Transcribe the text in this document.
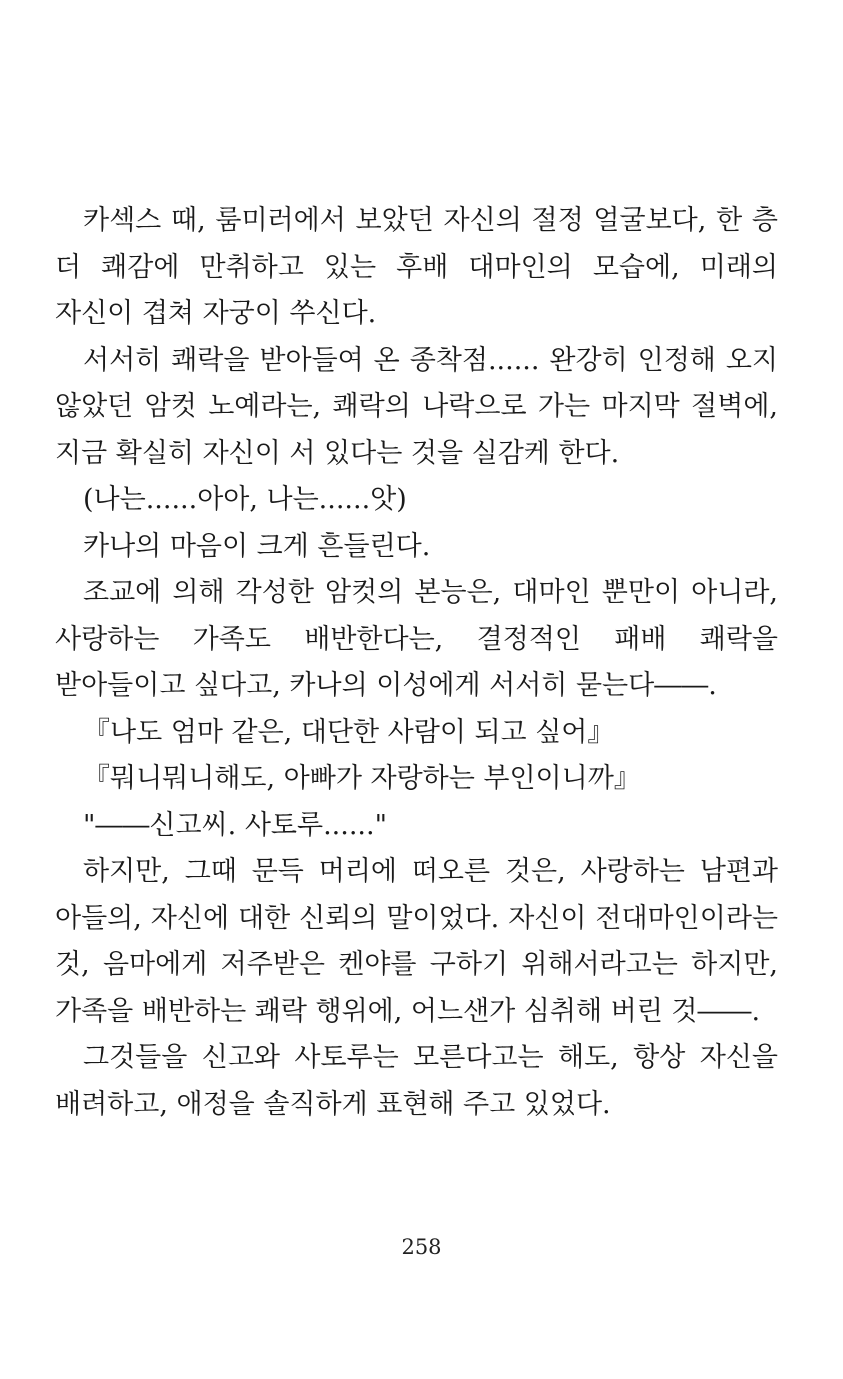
카섹스 때, 룸미러에서 보았던 자신의 절정 얼굴보다, 한 층
더 쾌감에 만취하고 있는 후배 대마인의 모습에, 미래의
자신이 겹쳐 자궁이 쑤신다.
서서히 쾌락을 받아들여 온 종착점...... 완강히 인정해 오지
않았던 암컷 노예라는, 쾌락의 나락으로 가는 마지막 절벽에,
지금 확실히 자신이 서 있다는 것을 실감케 한다.
(나는......아아, 나는......앗)
카나의 마음이 크게 흔들린다.
조교에 의해 각성한 암컷의 본능은, 대마인 뿐만이 아니라,
사랑하는 가족도 배반한다는, 결정적인 패배 쾌락을
받아들이고 싶다고, 카나의 이성에게 서서히 묻는다――.
『나도 엄마 같은, 대단한 사람이 되고 싶어』
『뭐니뭐니해도, 아빠가 자랑하는 부인이니까』
"――신고씨. 사토루......"
하지만, 그때 문득 머리에 떠오른 것은, 사랑하는 남편과
아들의, 자신에 대한 신뢰의 말이었다. 자신이 전대마인이라는
것, 음마에게 저주받은 켄야를 구하기 위해서라고는 하지만,
가족을 배반하는 쾌락 행위에, 어느샌가 심취해 버린 것――.
그것들을 신고와 사토루는 모른다고는 해도, 항상 자신을
배려하고, 애정을 솔직하게 표현해 주고 있었다.
258
